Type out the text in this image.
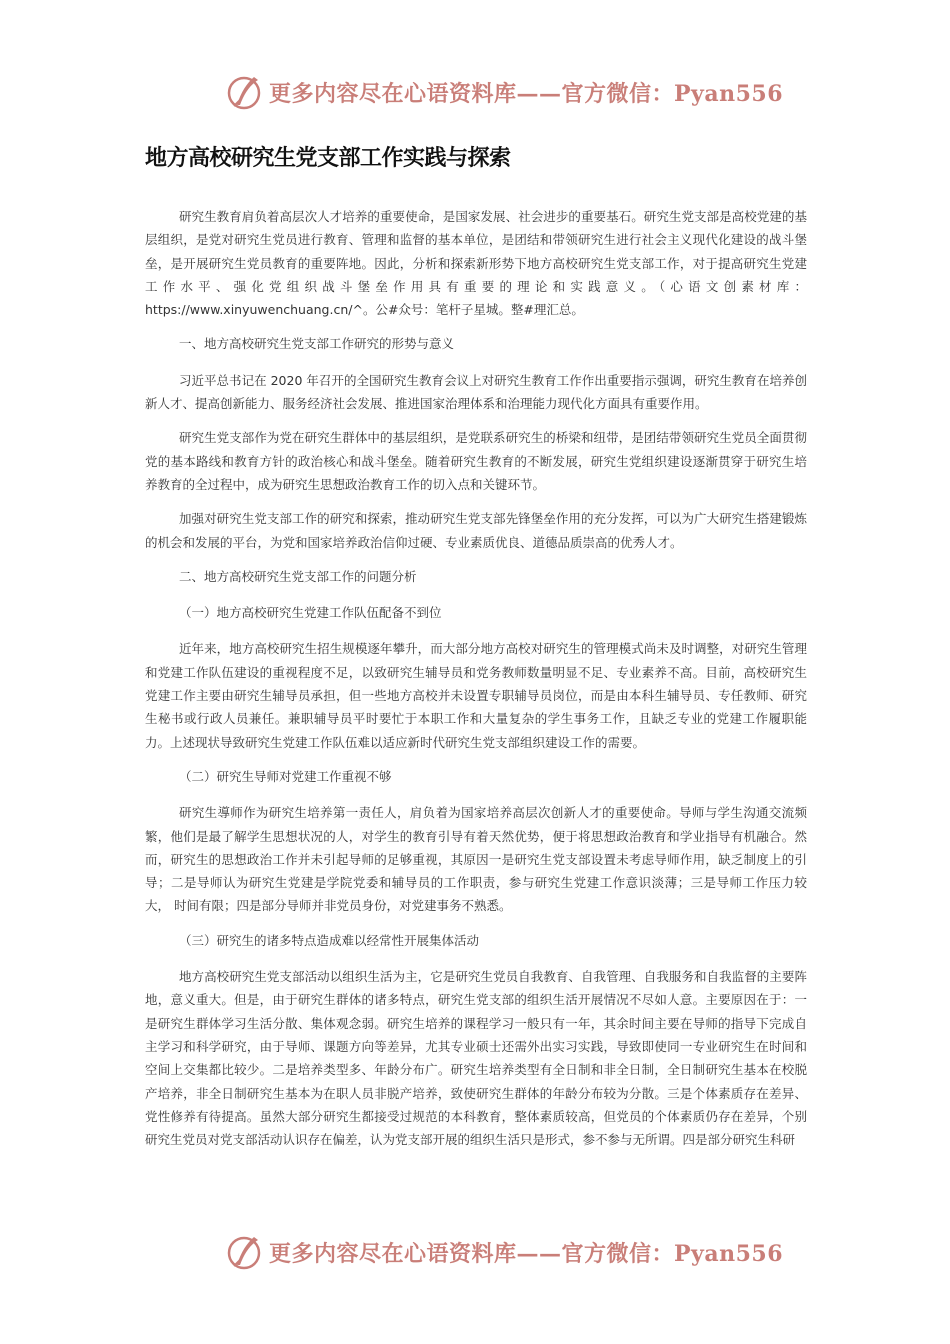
更多内容尽在心语资料库——官方微信：Pyan556
地方高校研究生党支部工作实践与探索

研究生教育肩负着高层次人才培养的重要使命，是国家发展、社会进步的重要基石。研究生党支部是高校党建的基层组织，是党对研究生党员进行教育、管理和监督的基本单位，是团结和带领研究生进行社会主义现代化建设的战斗堡垒，是开展研究生党员教育的重要阵地。因此，分析和探索新形势下地方高校研究生党支部工作，对于提高研究生党建工作水平、强化党组织战斗堡垒作用具有重要的理论和实践意义。（心语文创素材库：https://www.xinyuwenchuang.cn/^。公#众号：笔杆子星城。整#理汇总。

一、地方高校研究生党支部工作研究的形势与意义

习近平总书记在 2020 年召开的全国研究生教育会议上对研究生教育工作作出重要指示强调，研究生教育在培养创新人才、提高创新能力、服务经济社会发展、推进国家治理体系和治理能力现代化方面具有重要作用。

研究生党支部作为党在研究生群体中的基层组织，是党联系研究生的桥梁和纽带，是团结带领研究生党员全面贯彻党的基本路线和教育方针的政治核心和战斗堡垒。随着研究生教育的不断发展，研究生党组织建设逐渐贯穿于研究生培养教育的全过程中，成为研究生思想政治教育工作的切入点和关键环节。

加强对研究生党支部工作的研究和探索，推动研究生党支部先锋堡垒作用的充分发挥，可以为广大研究生搭建锻炼的机会和发展的平台，为党和国家培养政治信仰过硬、专业素质优良、道德品质崇高的优秀人才。

二、地方高校研究生党支部工作的问题分析

（一）地方高校研究生党建工作队伍配备不到位

近年来，地方高校研究生招生规模逐年攀升，而大部分地方高校对研究生的管理模式尚未及时调整，对研究生管理和党建工作队伍建设的重视程度不足，以致研究生辅导员和党务教师数量明显不足、专业素养不高。目前，高校研究生党建工作主要由研究生辅导员承担，但一些地方高校并未设置专职辅导员岗位，而是由本科生辅导员、专任教师、研究生秘书或行政人员兼任。兼职辅导员平时要忙于本职工作和大量复杂的学生事务工作，且缺乏专业的党建工作履职能力。上述现状导致研究生党建工作队伍难以适应新时代研究生党支部组织建设工作的需要。

（二）研究生导师对党建工作重视不够

研究生導师作为研究生培养第一责任人，肩负着为国家培养高层次创新人才的重要使命。导师与学生沟通交流频繁，他们是最了解学生思想状况的人，对学生的教育引导有着天然优势，便于将思想政治教育和学业指导有机融合。然而，研究生的思想政治工作并未引起导师的足够重视，其原因一是研究生党支部设置未考虑导师作用，缺乏制度上的引导；二是导师认为研究生党建是学院党委和辅导员的工作职责，参与研究生党建工作意识淡薄；三是导师工作压力较大， 时间有限；四是部分导师并非党员身份，对党建事务不熟悉。

（三）研究生的诸多特点造成难以经常性开展集体活动

地方高校研究生党支部活动以组织生活为主，它是研究生党员自我教育、自我管理、自我服务和自我监督的主要阵地，意义重大。但是，由于研究生群体的诸多特点，研究生党支部的组织生活开展情况不尽如人意。主要原因在于：一是研究生群体学习生活分散、集体观念弱。研究生培养的课程学习一般只有一年，其余时间主要在导师的指导下完成自主学习和科学研究，由于导师、课题方向等差异，尤其专业硕士还需外出实习实践，导致即使同一专业研究生在时间和空间上交集都比较少。二是培养类型多、年龄分布广。研究生培养类型有全日制和非全日制，全日制研究生基本在校脱产培养，非全日制研究生基本为在职人员非脱产培养，致使研究生群体的年龄分布较为分散。三是个体素质存在差异、党性修养有待提高。虽然大部分研究生都接受过规范的本科教育，整体素质较高，但党员的个体素质仍存在差异，个别研究生党员对党支部活动认识存在偏差，认为党支部开展的组织生活只是形式，参不参与无所谓。四是部分研究生科研

更多内容尽在心语资料库——官方微信：Pyan556
